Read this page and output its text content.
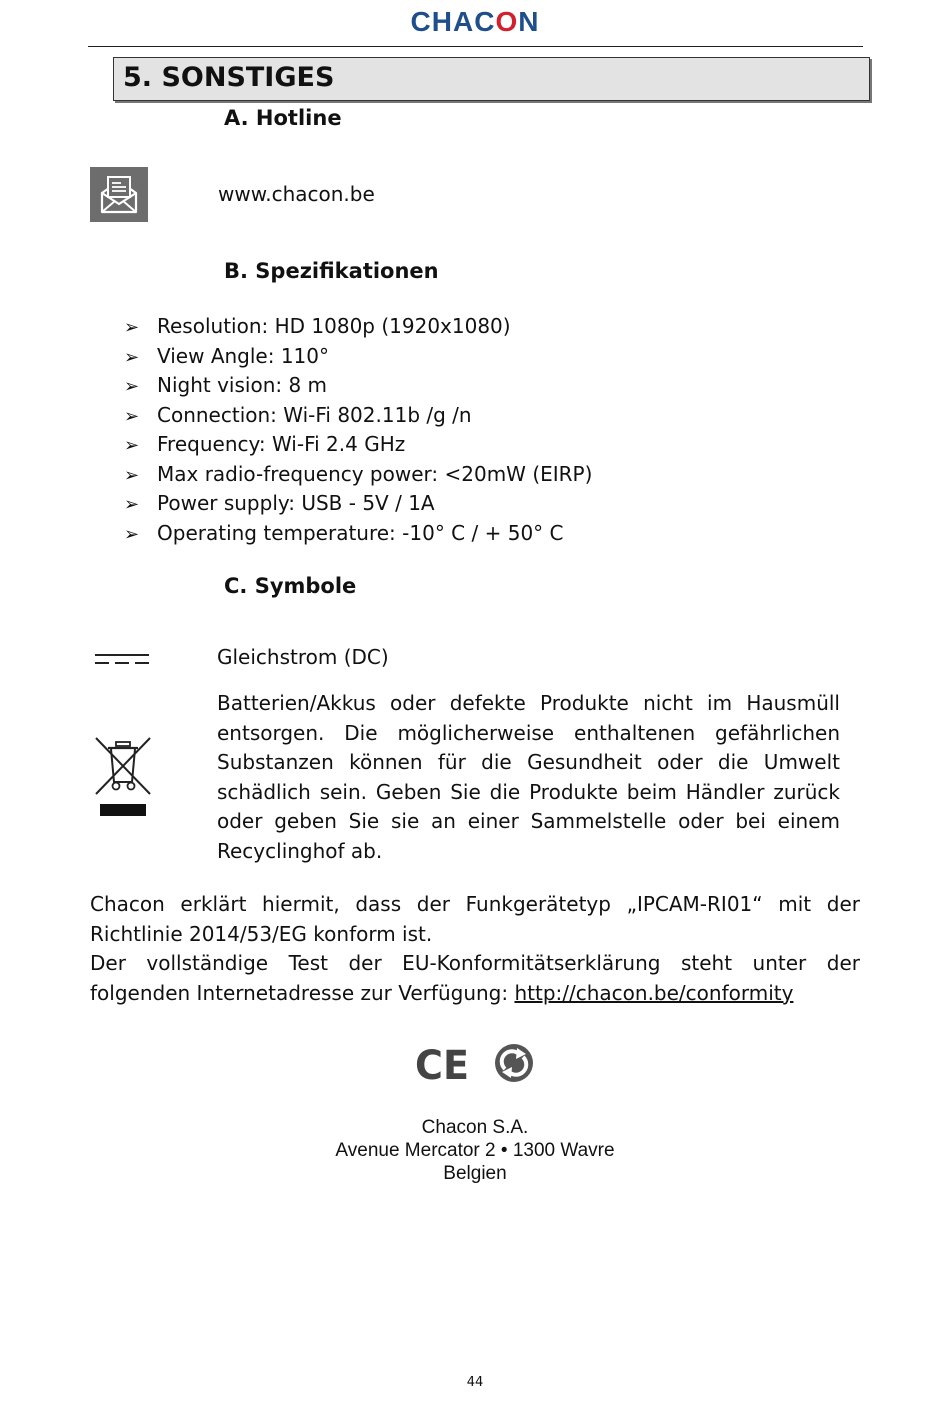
CHACON
5. SONSTIGES
A. Hotline
www.chacon.be
B. Spezifikationen
➢ Resolution: HD 1080p (1920x1080)
➢ View Angle: 110°
➢ Night vision: 8 m
➢ Connection: Wi-Fi 802.11b /g /n
➢ Frequency: Wi-Fi 2.4 GHz
➢ Max radio-frequency power: <20mW (EIRP)
➢ Power supply: USB - 5V / 1A
➢ Operating temperature: -10° C / + 50° C
C. Symbole
Gleichstrom (DC)
Batterien/Akkus oder defekte Produkte nicht im Hausmüll entsorgen. Die möglicherweise enthaltenen gefährlichen Substanzen können für die Gesundheit oder die Umwelt schädlich sein. Geben Sie die Produkte beim Händler zurück oder geben Sie sie an einer Sammelstelle oder bei einem Recyclinghof ab.
Chacon erklärt hiermit, dass der Funkgerätetyp „IPCAM-RI01“ mit der Richtlinie 2014/53/EG konform ist.
Der vollständige Test der EU-Konformitätserklärung steht unter der folgenden Internetadresse zur Verfügung: http://chacon.be/conformity
CE
Chacon S.A.
Avenue Mercator 2 • 1300 Wavre
Belgien
44
